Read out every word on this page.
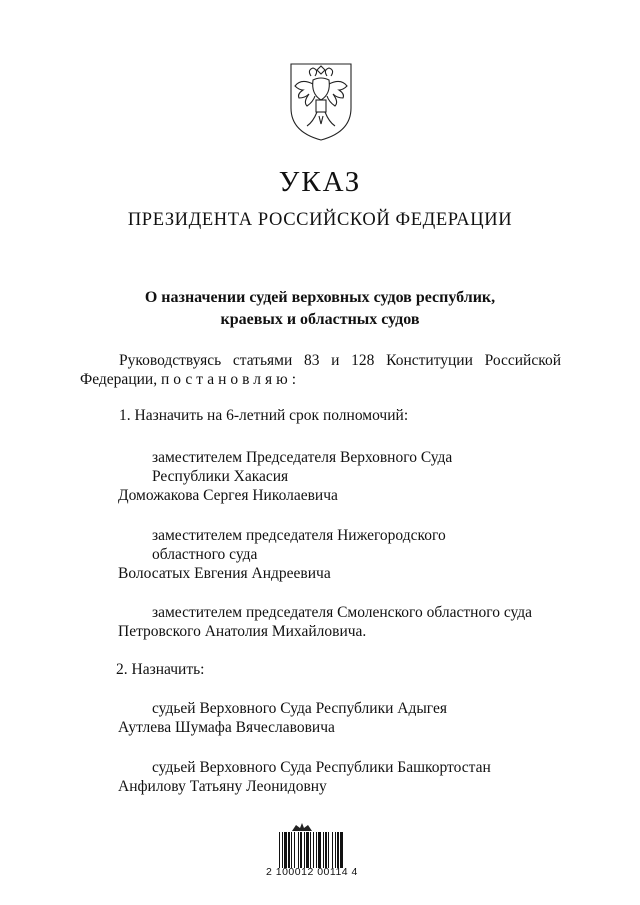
УКАЗ
ПРЕЗИДЕНТА РОССИЙСКОЙ ФЕДЕРАЦИИ
О назначении судей верховных судов республик,
краевых и областных судов
Руководствуясь статьями 83 и 128 Конституции Российской
Федерации, постановляю:
1. Назначить на 6-летний срок полномочий:
заместителем Председателя Верховного Суда
Республики Хакасия
Доможакова Сергея Николаевича
заместителем председателя Нижегородского
областного суда
Волосатых Евгения Андреевича
заместителем председателя Смоленского областного суда
Петровского Анатолия Михайловича.
2. Назначить:
судьей Верховного Суда Республики Адыгея
Аутлева Шумафа Вячеславовича
судьей Верховного Суда Республики Башкортостан
Анфилову Татьяну Леонидовну
2 100012 00114 4
